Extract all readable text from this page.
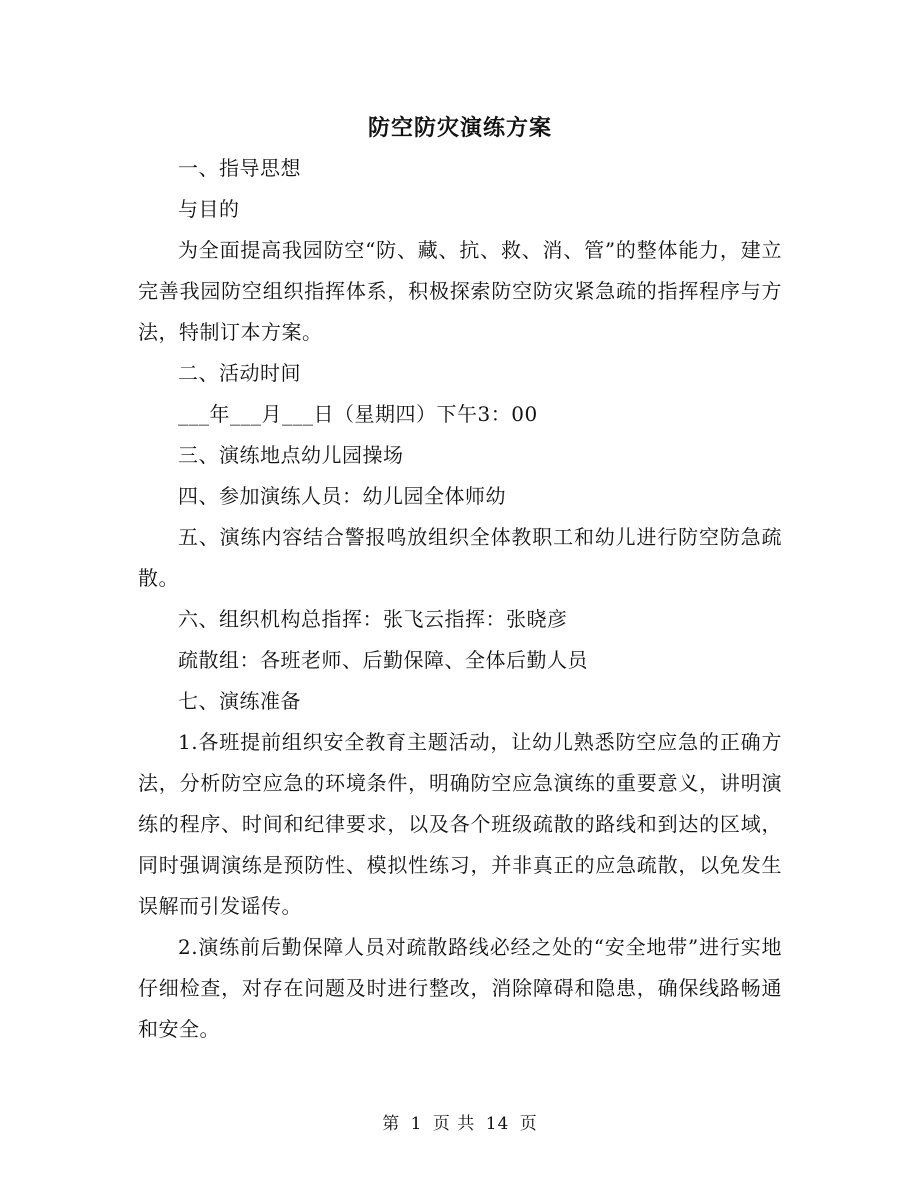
防空防灾演练方案

一、指导思想

与目的

为全面提高我园防空“防、藏、抗、救、消、管”的整体能力，建立完善我园防空组织指挥体系，积极探索防空防灾紧急疏的指挥程序与方法，特制订本方案。

二、活动时间

___年___月___日（星期四）下午3：00

三、演练地点幼儿园操场

四、参加演练人员：幼儿园全体师幼

五、演练内容结合警报鸣放组织全体教职工和幼儿进行防空防急疏散。

六、组织机构总指挥：张飞云指挥：张晓彦

疏散组：各班老师、后勤保障、全体后勤人员

七、演练准备

1.各班提前组织安全教育主题活动，让幼儿熟悉防空应急的正确方法，分析防空应急的环境条件，明确防空应急演练的重要意义，讲明演练的程序、时间和纪律要求，以及各个班级疏散的路线和到达的区域，同时强调演练是预防性、模拟性练习，并非真正的应急疏散，以免发生误解而引发谣传。

2.演练前后勤保障人员对疏散路线必经之处的“安全地带”进行实地仔细检查，对存在问题及时进行整改，消除障碍和隐患，确保线路畅通和安全。

第 1 页 共 14 页
